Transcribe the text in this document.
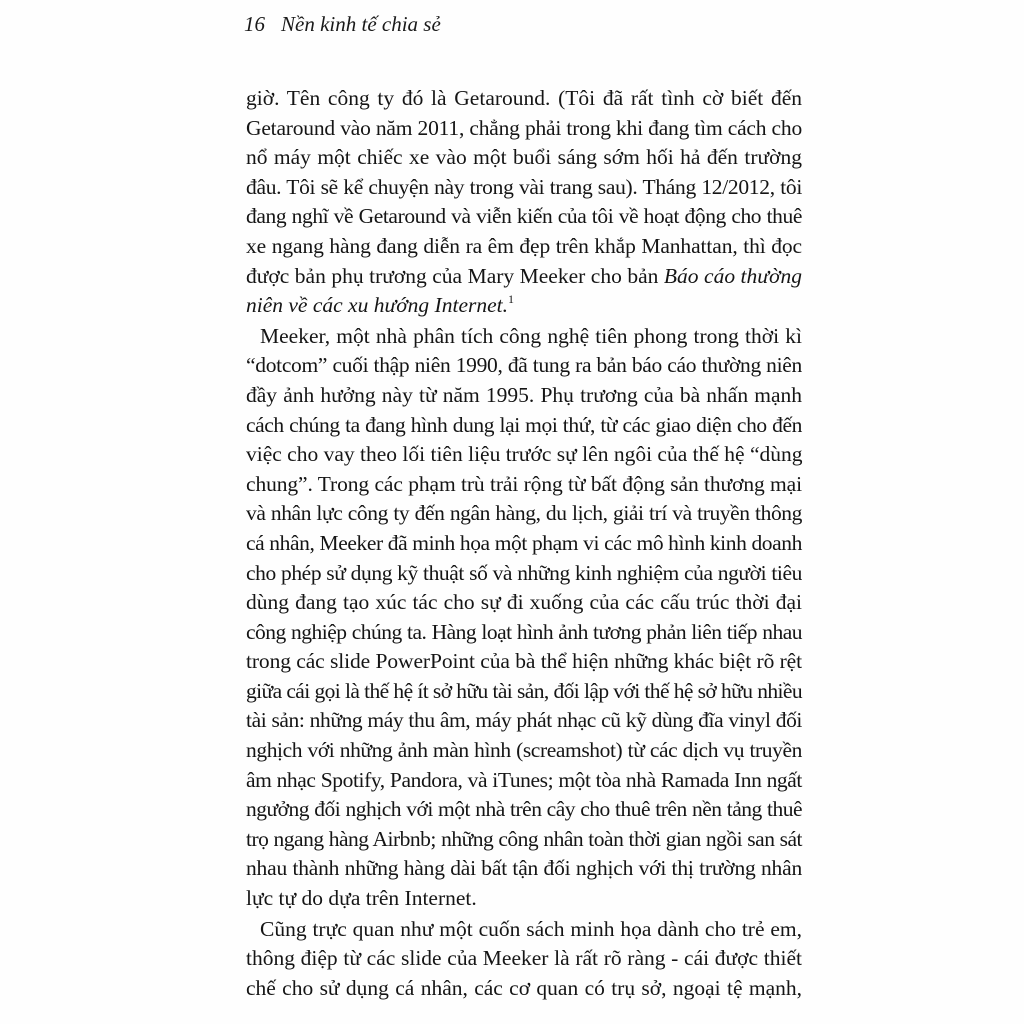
16 Nền kinh tế chia sẻ
giờ. Tên công ty đó là Getaround. (Tôi đã rất tình cờ biết đến
Getaround vào năm 2011, chẳng phải trong khi đang tìm cách cho
nổ máy một chiếc xe vào một buổi sáng sớm hối hả đến trường
đâu. Tôi sẽ kể chuyện này trong vài trang sau). Tháng 12/2012, tôi
đang nghĩ về Getaround và viễn kiến của tôi về hoạt động cho thuê
xe ngang hàng đang diễn ra êm đẹp trên khắp Manhattan, thì đọc
được bản phụ trương của Mary Meeker cho bản Báo cáo thường
niên về các xu hướng Internet.$^1$
Meeker, một nhà phân tích công nghệ tiên phong trong thời kì
“dotcom” cuối thập niên 1990, đã tung ra bản báo cáo thường niên
đầy ảnh hưởng này từ năm 1995. Phụ trương của bà nhấn mạnh
cách chúng ta đang hình dung lại mọi thứ, từ các giao diện cho đến
việc cho vay theo lối tiên liệu trước sự lên ngôi của thế hệ “dùng
chung”. Trong các phạm trù trải rộng từ bất động sản thương mại
và nhân lực công ty đến ngân hàng, du lịch, giải trí và truyền thông
cá nhân, Meeker đã minh họa một phạm vi các mô hình kinh doanh
cho phép sử dụng kỹ thuật số và những kinh nghiệm của người tiêu
dùng đang tạo xúc tác cho sự đi xuống của các cấu trúc thời đại
công nghiệp chúng ta. Hàng loạt hình ảnh tương phản liên tiếp nhau
trong các slide PowerPoint của bà thể hiện những khác biệt rõ rệt
giữa cái gọi là thế hệ ít sở hữu tài sản, đối lập với thế hệ sở hữu nhiều
tài sản: những máy thu âm, máy phát nhạc cũ kỹ dùng đĩa vinyl đối
nghịch với những ảnh màn hình (screamshot) từ các dịch vụ truyền
âm nhạc Spotify, Pandora, và iTunes; một tòa nhà Ramada Inn ngất
ngưởng đối nghịch với một nhà trên cây cho thuê trên nền tảng thuê
trọ ngang hàng Airbnb; những công nhân toàn thời gian ngồi san sát
nhau thành những hàng dài bất tận đối nghịch với thị trường nhân
lực tự do dựa trên Internet.
Cũng trực quan như một cuốn sách minh họa dành cho trẻ em,
thông điệp từ các slide của Meeker là rất rõ ràng - cái được thiết
chế cho sử dụng cá nhân, các cơ quan có trụ sở, ngoại tệ mạnh,
